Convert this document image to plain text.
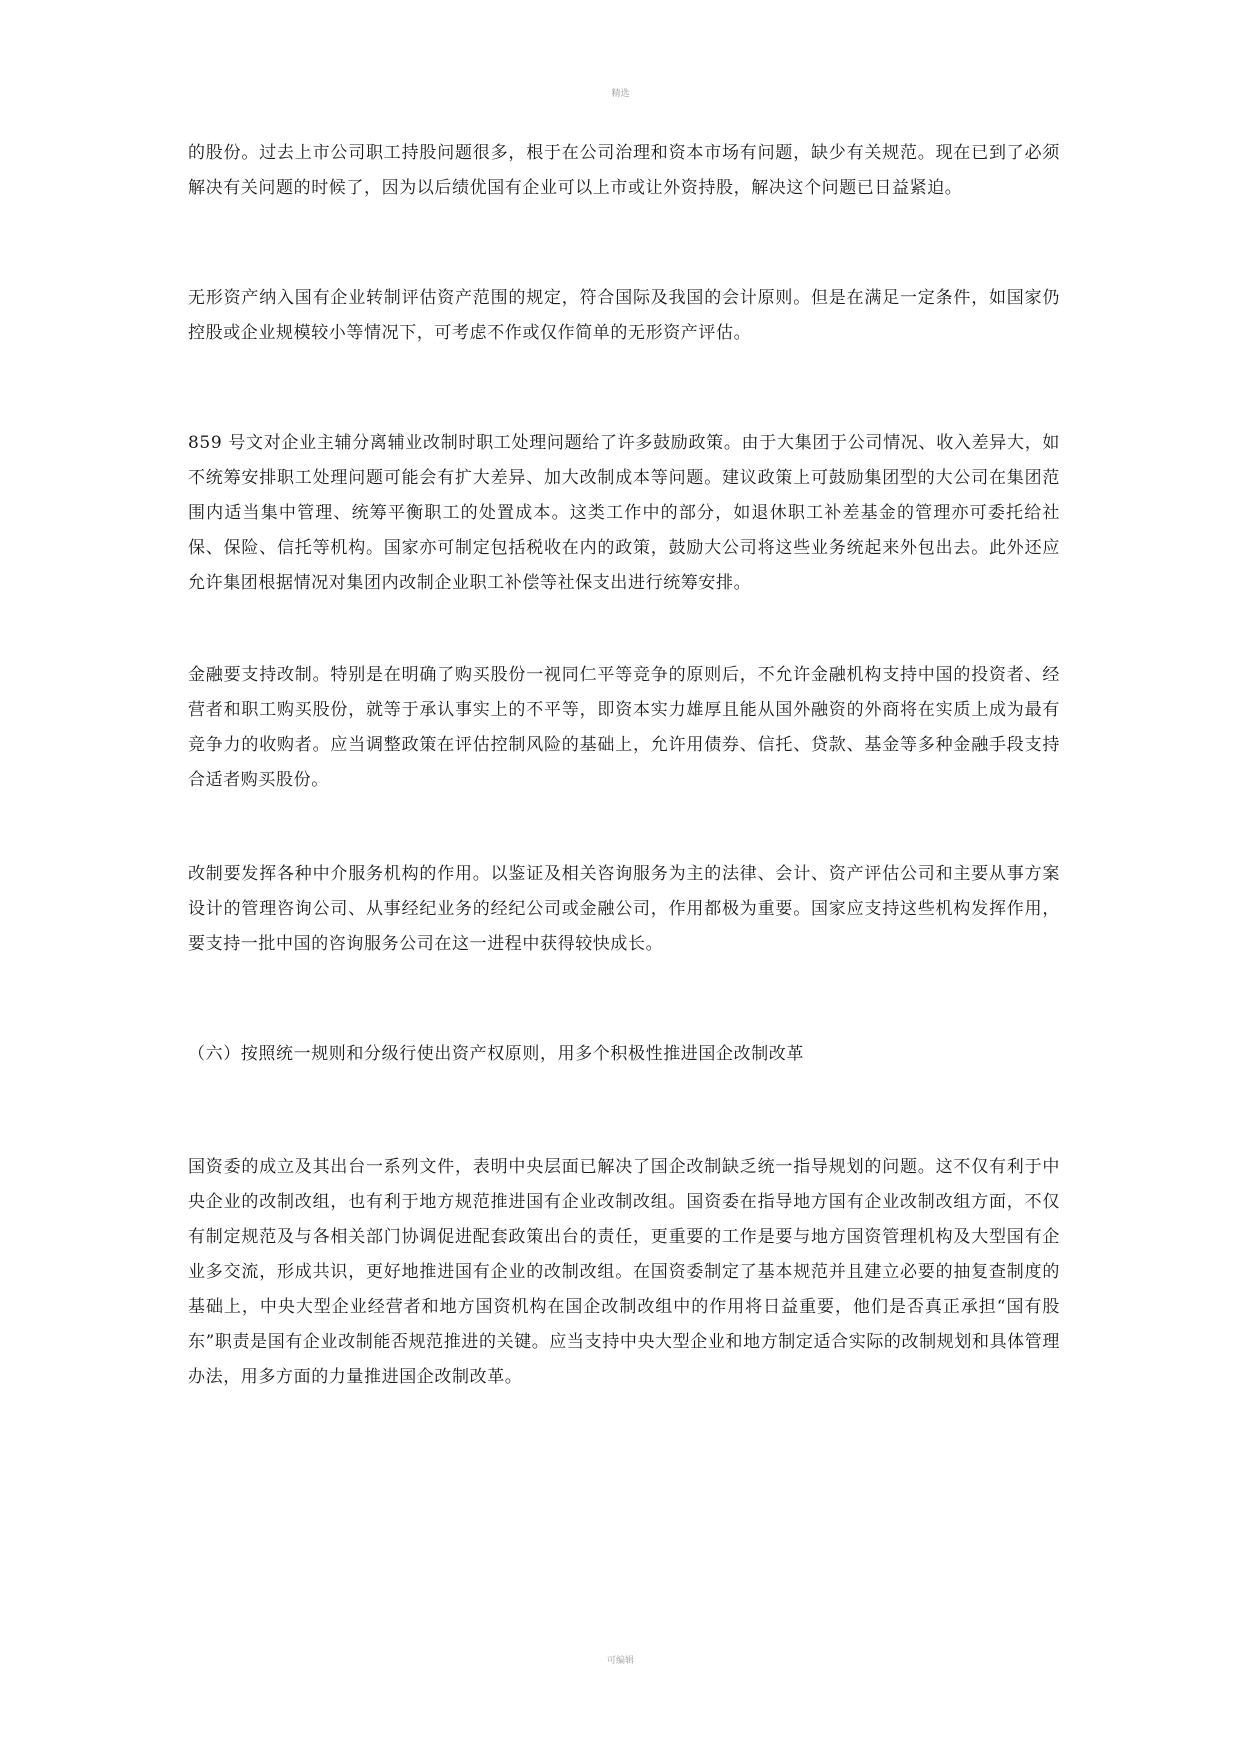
精选

的股份。过去上市公司职工持股问题很多，根于在公司治理和资本市场有问题，缺少有关规范。现在已到了必须解决有关问题的时候了，因为以后绩优国有企业可以上市或让外资持股，解决这个问题已日益紧迫。

无形资产纳入国有企业转制评估资产范围的规定，符合国际及我国的会计原则。但是在满足一定条件，如国家仍控股或企业规模较小等情况下，可考虑不作或仅作简单的无形资产评估。

859 号文对企业主辅分离辅业改制时职工处理问题给了许多鼓励政策。由于大集团于公司情况、收入差异大，如不统筹安排职工处理问题可能会有扩大差异、加大改制成本等问题。建议政策上可鼓励集团型的大公司在集团范围内适当集中管理、统筹平衡职工的处置成本。这类工作中的部分，如退休职工补差基金的管理亦可委托给社保、保险、信托等机构。国家亦可制定包括税收在内的政策，鼓励大公司将这些业务统起来外包出去。此外还应允许集团根据情况对集团内改制企业职工补偿等社保支出进行统筹安排。

金融要支持改制。特别是在明确了购买股份一视同仁平等竞争的原则后，不允许金融机构支持中国的投资者、经营者和职工购买股份，就等于承认事实上的不平等，即资本实力雄厚且能从国外融资的外商将在实质上成为最有竞争力的收购者。应当调整政策在评估控制风险的基础上，允许用债券、信托、贷款、基金等多种金融手段支持合适者购买股份。

改制要发挥各种中介服务机构的作用。以鉴证及相关咨询服务为主的法律、会计、资产评估公司和主要从事方案设计的管理咨询公司、从事经纪业务的经纪公司或金融公司，作用都极为重要。国家应支持这些机构发挥作用，要支持一批中国的咨询服务公司在这一进程中获得较快成长。

（六）按照统一规则和分级行使出资产权原则，用多个积极性推进国企改制改革

国资委的成立及其出台一系列文件，表明中央层面已解决了国企改制缺乏统一指导规划的问题。这不仅有利于中央企业的改制改组，也有利于地方规范推进国有企业改制改组。国资委在指导地方国有企业改制改组方面，不仅有制定规范及与各相关部门协调促进配套政策出台的责任，更重要的工作是要与地方国资管理机构及大型国有企业多交流，形成共识，更好地推进国有企业的改制改组。在国资委制定了基本规范并且建立必要的抽复查制度的基础上，中央大型企业经营者和地方国资机构在国企改制改组中的作用将日益重要，他们是否真正承担“国有股东”职责是国有企业改制能否规范推进的关键。应当支持中央大型企业和地方制定适合实际的改制规划和具体管理办法，用多方面的力量推进国企改制改革。

可编辑
